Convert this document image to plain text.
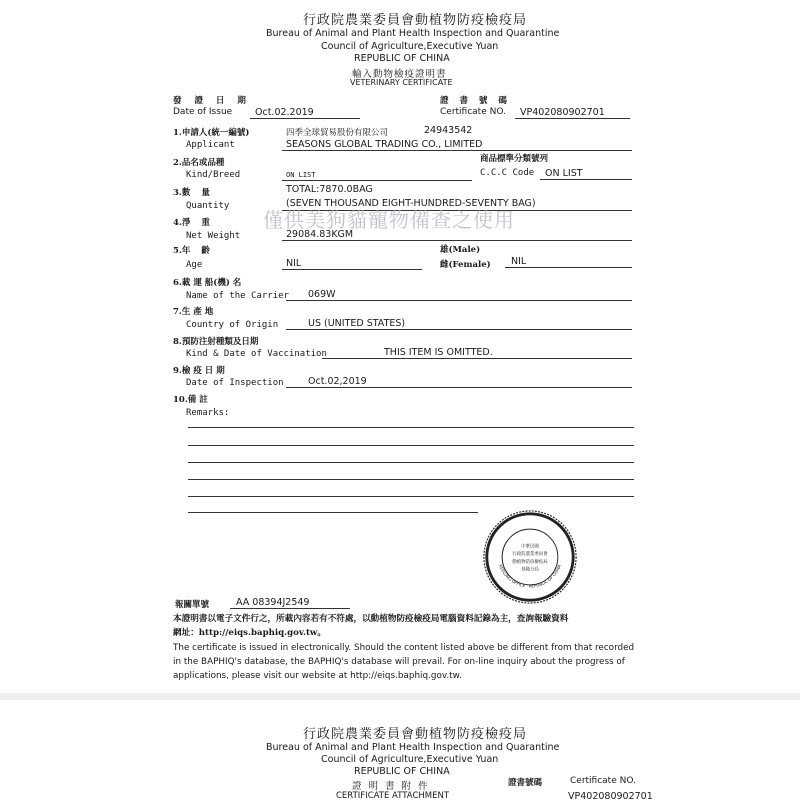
行政院農業委員會動植物防疫檢疫局
Bureau of Animal and Plant Health Inspection and Quarantine
Council of Agriculture,Executive Yuan
REPUBLIC OF CHINA
輸入動物檢疫證明書
VETERINARY CERTIFICATE
發 證 日 期
Date of Issue Oct.02.2019
證 書 號 碼
Certificate NO. VP402080902701
1.申請人(統一編號)
Applicant
四季全球貿易股份有限公司	24943542
SEASONS GLOBAL TRADING CO., LIMITED
2.品名或品種
Kind/Breed	ON LIST
商品標準分類號列
C.C.C Code ON LIST
3.數 量
Quantity
TOTAL:7870.0BAG
(SEVEN THOUSAND EIGHT-HUNDRED-SEVENTY BAG)
4.淨 重
Net Weight	29084.83KGM
僅供美狗貓寵物備查之使用
5.年 齡
Age	NIL
雄(Male)
雌(Female) NIL
6.載 運 船(機) 名
Name of the Carrier 069W
7.生 產 地
Country of Origin	US (UNITED STATES)
8.預防注射種類及日期
Kind & Date of Vaccination	THIS ITEM IS OMITTED.
9.檢 疫 日 期
Date of Inspection	Oct.02,2019
10.備 註
Remarks:
ANIMAL AND PLANT HEALTH INSPECTION AND
KEELUNG OFFICE · REPUBLIC OF CHINA
中華民國
行政院農業委員會
動植物防疫檢疫局
基隆分局
報關單號	AA 08394J2549
本證明書以電子文件行之，所載內容若有不符處，以動植物防疫檢疫局電腦資料記錄為主，查詢報驗資料
網址：http://eiqs.baphiq.gov.tw。
The certificate is issued in electronically. Should the content listed above be different from that recorded
in the BAPHIQ's database, the BAPHIQ's database will prevail. For on-line inquiry about the progress of
applications, please visit our website at http://eiqs.baphiq.gov.tw.
行政院農業委員會動植物防疫檢疫局
Bureau of Animal and Plant Health Inspection and Quarantine
Council of Agriculture,Executive Yuan
REPUBLIC OF CHINA
證 明 書 附 件
CERTIFICATE ATTACHMENT
證書號碼	Certificate NO.
VP402080902701
